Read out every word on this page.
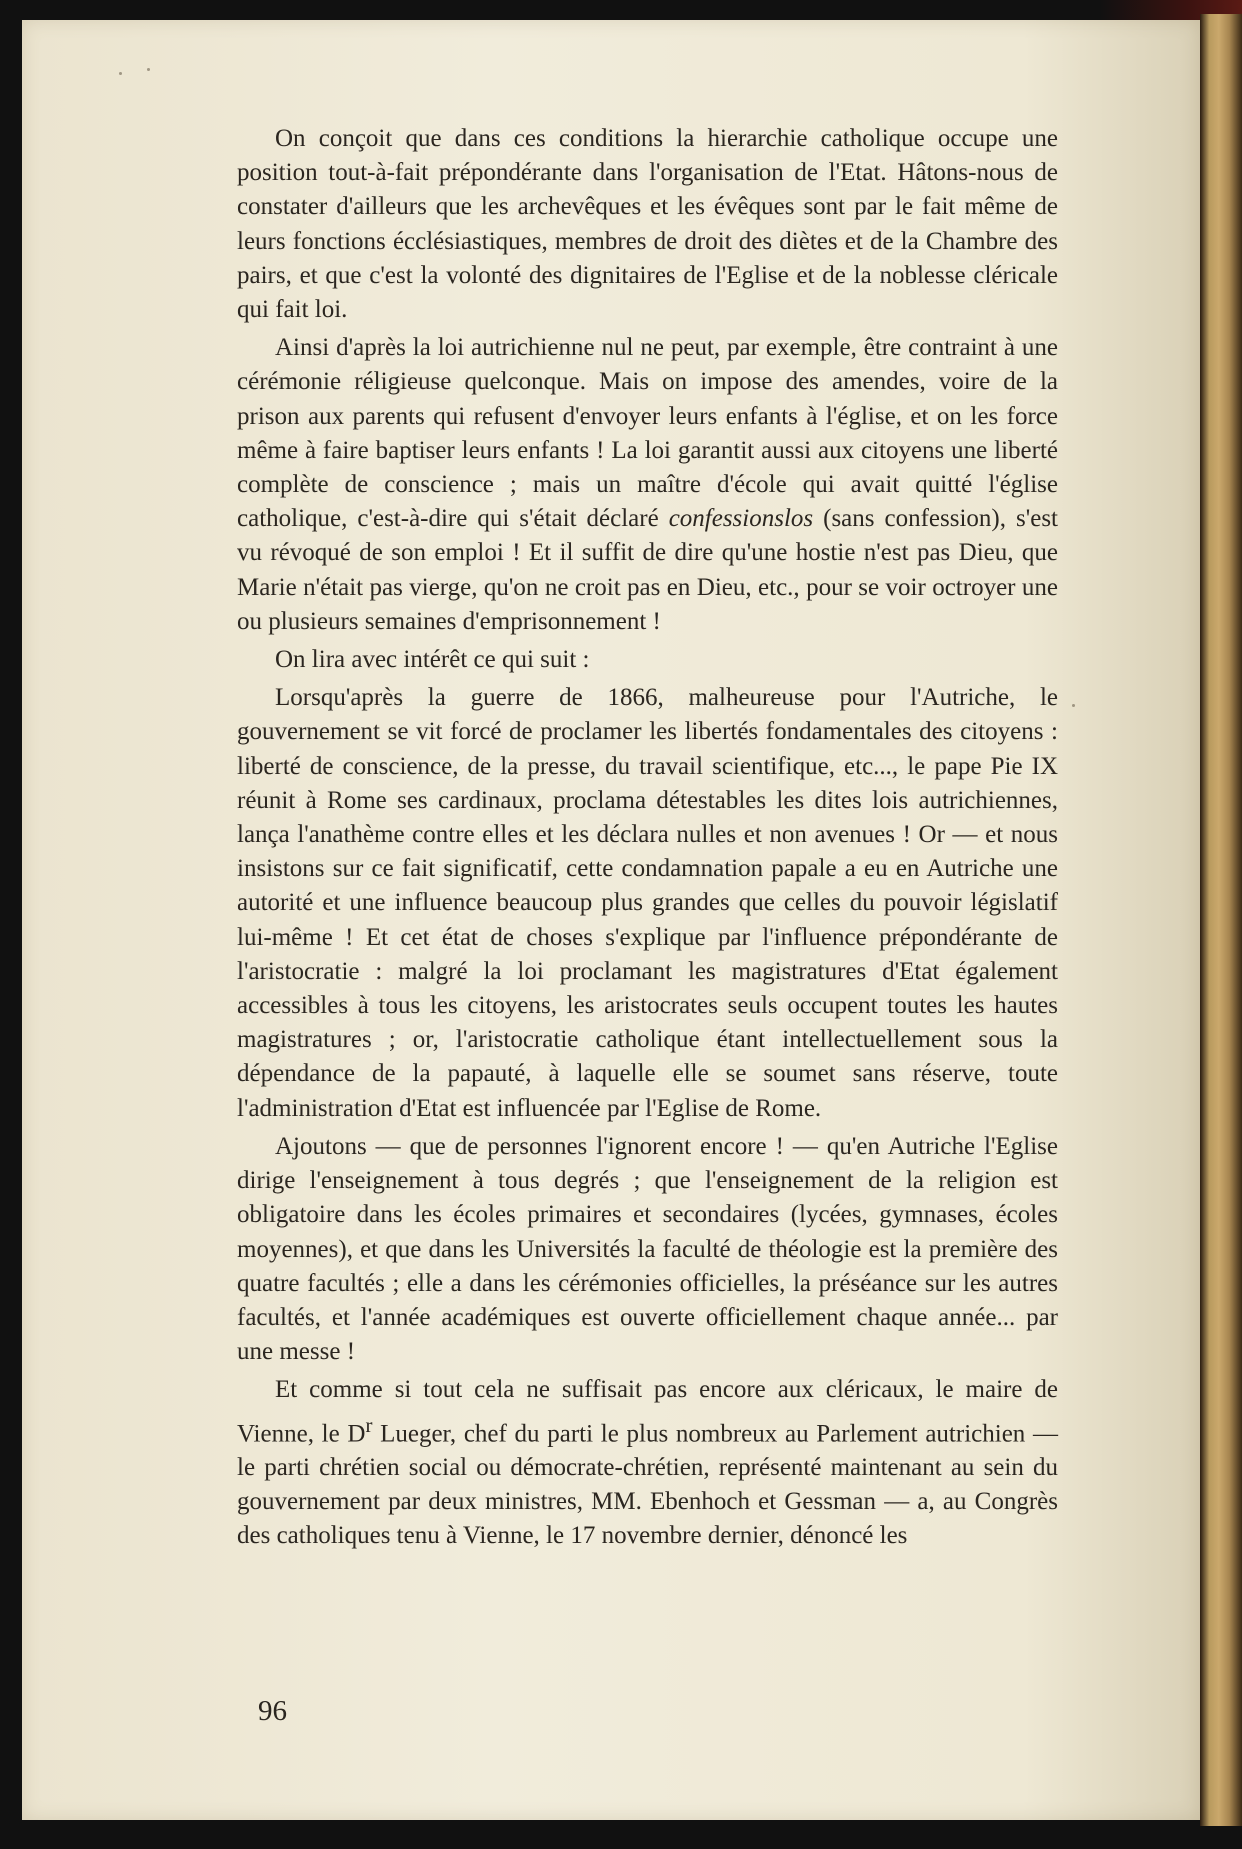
On conçoit que dans ces conditions la hierarchie catholique occupe une position tout-à-fait prépondérante dans l'organisation de l'Etat. Hâtons-nous de constater d'ailleurs que les archevêques et les évêques sont par le fait même de leurs fonctions écclésiastiques, membres de droit des diètes et de la Chambre des pairs, et que c'est la volonté des dignitaires de l'Eglise et de la noblesse cléricale qui fait loi.

Ainsi d'après la loi autrichienne nul ne peut, par exemple, être contraint à une cérémonie réligieuse quelconque. Mais on impose des amendes, voire de la prison aux parents qui refusent d'envoyer leurs enfants à l'église, et on les force même à faire baptiser leurs enfants ! La loi garantit aussi aux citoyens une liberté complète de conscience ; mais un maître d'école qui avait quitté l'église catholique, c'est-à-dire qui s'était déclaré confessionslos (sans confession), s'est vu révoqué de son emploi ! Et il suffit de dire qu'une hostie n'est pas Dieu, que Marie n'était pas vierge, qu'on ne croit pas en Dieu, etc., pour se voir octroyer une ou plusieurs semaines d'emprisonnement !

On lira avec intérêt ce qui suit :

Lorsqu'après la guerre de 1866, malheureuse pour l'Autriche, le gouvernement se vit forcé de proclamer les libertés fondamentales des citoyens : liberté de conscience, de la presse, du travail scientifique, etc..., le pape Pie IX réunit à Rome ses cardinaux, proclama détestables les dites lois autrichiennes, lança l'anathème contre elles et les déclara nulles et non avenues ! Or — et nous insistons sur ce fait significatif, cette condamnation papale a eu en Autriche une autorité et une influence beaucoup plus grandes que celles du pouvoir législatif lui-même ! Et cet état de choses s'explique par l'influence prépondérante de l'aristocratie : malgré la loi proclamant les magistratures d'Etat également accessibles à tous les citoyens, les aristocrates seuls occupent toutes les hautes magistratures ; or, l'aristocratie catholique étant intellectuellement sous la dépendance de la papauté, à laquelle elle se soumet sans réserve, toute l'administration d'Etat est influencée par l'Eglise de Rome.

Ajoutons — que de personnes l'ignorent encore ! — qu'en Autriche l'Eglise dirige l'enseignement à tous degrés ; que l'enseignement de la religion est obligatoire dans les écoles primaires et secondaires (lycées, gymnases, écoles moyennes), et que dans les Universités la faculté de théologie est la première des quatre facultés ; elle a dans les cérémonies officielles, la préséance sur les autres facultés, et l'année académiques est ouverte officiellement chaque année... par une messe !

Et comme si tout cela ne suffisait pas encore aux cléricaux, le maire de Vienne, le $D^r$ Lueger, chef du parti le plus nombreux au Parlement autrichien — le parti chrétien social ou démocrate-chrétien, représenté maintenant au sein du gouvernement par deux ministres, MM. Ebenhoch et Gessman — a, au Congrès des catholiques tenu à Vienne, le 17 novembre dernier, dénoncé les

96
